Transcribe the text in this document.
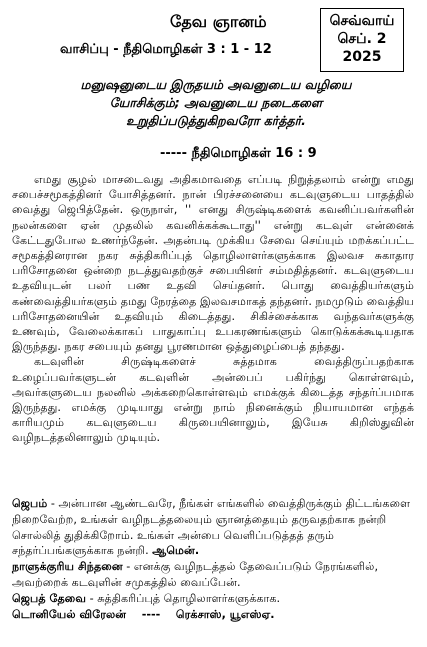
தேவ ஞானம்	செவ்வாய்
செப். 2
2025
வாசிப்பு - நீதிமொழிகள் 3 : 1 - 12
மனுஷனுடைய இருதயம் அவனுடைய வழியை
யோசிக்கும்; அவனுடைய நடைகளை
உறுதிப்படுத்துகிறவரோ கர்த்தர்.
----- நீதிமொழிகள் 16 : 9

எமது சூழல் மாசடைவது அதிகமாவதை எப்படி நிறுத்தலாம் என்று எமது சபைச்சமூகத்தினர் யோசித்தனர். நான் பிரச்சனையை கடவுளுடைய பாதத்தில் வைத்து ஜெபித்தேன். ஒருநாள், '' எனது சிருஷ்டிகளைக் கவனிப்பவர்களின் நலன்களை ஏன் முதலில் கவனிக்கக்கூடாது'' என்று கடவுள் என்னைக் கேட்டதுபோல உணர்ந்தேன். அதன்படி முக்கிய சேவை செய்யும் மறக்கப்பட்ட சமூகத்தினரான நகர சுத்திகரிப்புத் தொழிலாளர்களுக்காக இலவச சுகாதார பரிசோதனை ஒன்றை நடத்துவதற்குச் சபையினர் சம்மதித்தனர். கடவுளுடைய உதவியுடன் பலர் பண உதவி செய்தனர். பொது வைத்தியர்களும் கண்வைத்தியர்களும் தமது நேரத்தை இலவசமாகத் தந்தனர். நமமுடும் வைத்திய பரிசோதனையின் உதவியும் கிடைத்தது. சிகிச்சைக்காக வந்தவர்களுக்கு உணவும், வேலைக்காகப் பாதுகாப்பு உபகரணங்களும் கொடுக்கக்கூடியதாக இருந்தது. நகர சபையும் தனது பூரணமான ஒத்துழைப்பைத் தந்தது.

கடவுளின் சிருஷ்டிகளைச் சுத்தமாக வைத்திருப்பதற்காக உழைப்பவர்களுடன் கடவுளின் அன்பைப் பகிர்ந்து கொள்ளவும், அவர்களுடைய நலனில் அக்கறைகொள்ளவும் எமக்குக் கிடைத்த சந்தர்ப்பமாக இருந்தது. எமக்கு முடியாது என்று நாம் நினைக்கும் நியாயமான எந்தக் காரியமும் கடவுளுடைய கிருபையினாலும், இயேசு கிறிஸ்துவின் வழிநடத்தலினாலும் முடியும்.

ஜெபம் - அன்பான ஆண்டவரே, நீங்கள் எங்களில் வைத்திருக்கும் திட்டங்களை நிறைவேற்ற, உங்கள் வழிநடத்தலையும் ஞானத்தையும் தருவதற்காக நன்றி சொல்லித் துதிக்கிறோம். உங்கள் அன்பை வெளிப்படுத்தத் தரும் சந்தர்ப்பங்களுக்காக நன்றி. ஆமென்.

நாளுக்குரிய சிந்தனை - எனக்கு வழிநடத்தல் தேவைப்படும் நேரங்களில், அவற்றைக் கடவுளின் சமுகத்தில் வைப்பேன்.

ஜெபத் தேவை - சுத்திகரிப்புத் தொழிலாளர்களுக்காக.

டொனியேல் விரேலன் ---- ரெக்சாஸ், யூஎஸ்ஏ.
